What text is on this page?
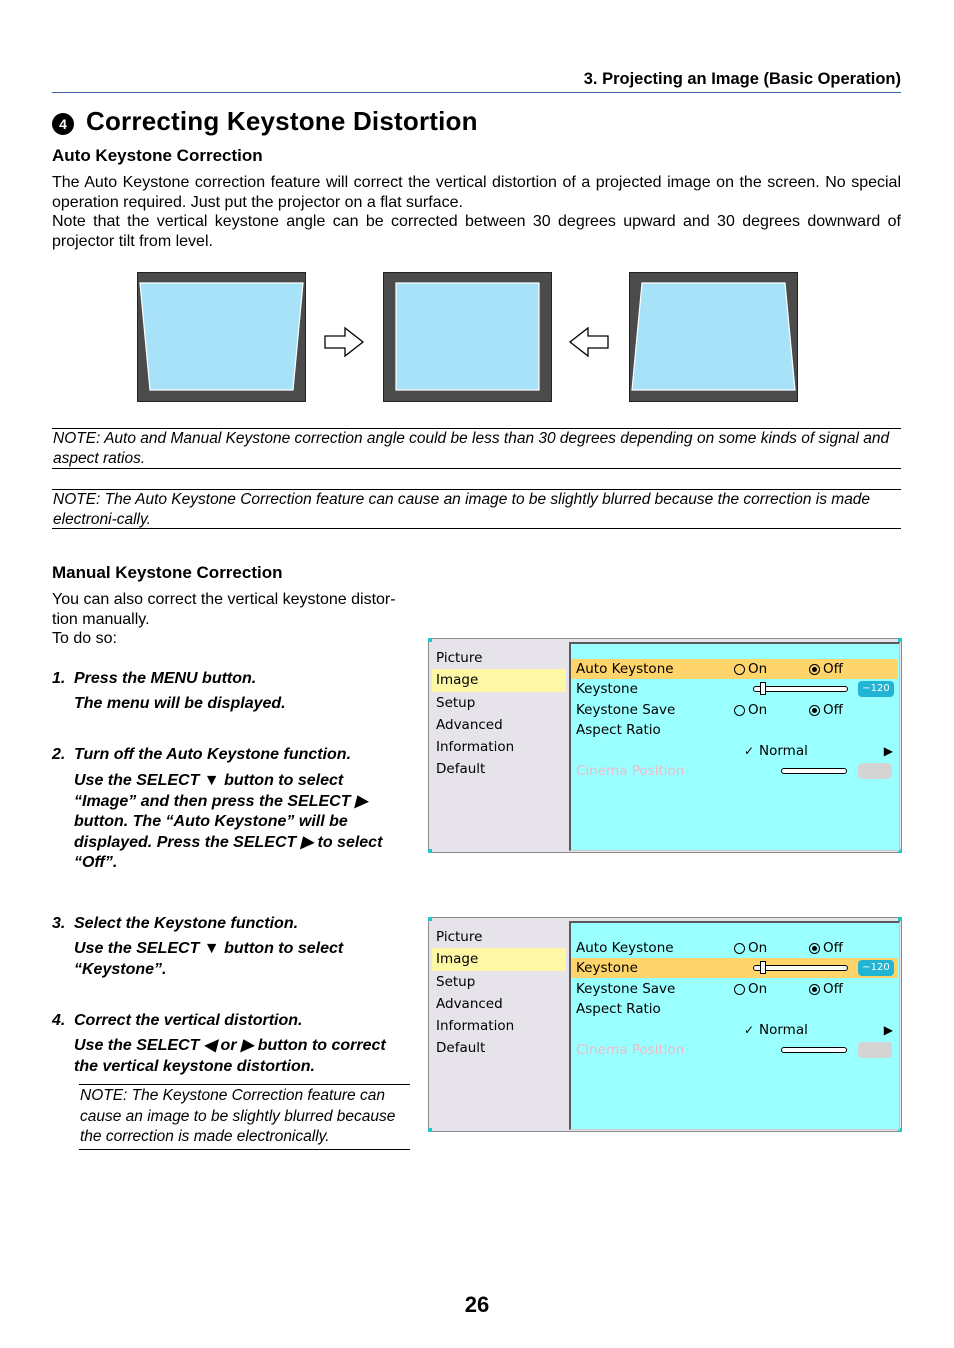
3. Projecting an Image (Basic Operation)
4 Correcting Keystone Distortion
Auto Keystone Correction

The Auto Keystone correction feature will correct the vertical distortion of a projected image on the screen. No special operation required. Just put the projector on a flat surface.

Note that the vertical keystone angle can be corrected between 30 degrees upward and 30 degrees downward of projector tilt from level.

NOTE: Auto and Manual Keystone correction angle could be less than 30 degrees depending on some kinds of signal and aspect ratios.
NOTE: The Auto Keystone Correction feature can cause an image to be slightly blurred because the correction is made electroni-cally.
Manual Keystone Correction

You can also correct the vertical keystone distor-tion manually.

To do so:

1. Press the MENU button.
The menu will be displayed.
2. Turn off the Auto Keystone function.
Use the SELECT ▼ button to select “Image” and then press the SELECT ▶ button. The “Auto Keystone” will be displayed. Press the SELECT ▶ to select “Off”.
3. Select the Keystone function.
Use the SELECT ▼ button to select “Keystone”.
4. Correct the vertical distortion.
Use the SELECT ◀ or ▶ button to correct the vertical keystone distortion.
NOTE: The Keystone Correction feature can cause an image to be slightly blurred because the correction is made electronically.
Picture
Image
Setup
Advanced
Information
Default
Auto Keystone	On	Off
Keystone	−120
Keystone Save	On	Off
Aspect Ratio
✓ Normal	▶
Cinema Position
Picture
Image
Setup
Advanced
Information
Default
Auto Keystone	On	Off
Keystone	−120
Keystone Save	On	Off
Aspect Ratio
✓ Normal	▶
Cinema Position
26
